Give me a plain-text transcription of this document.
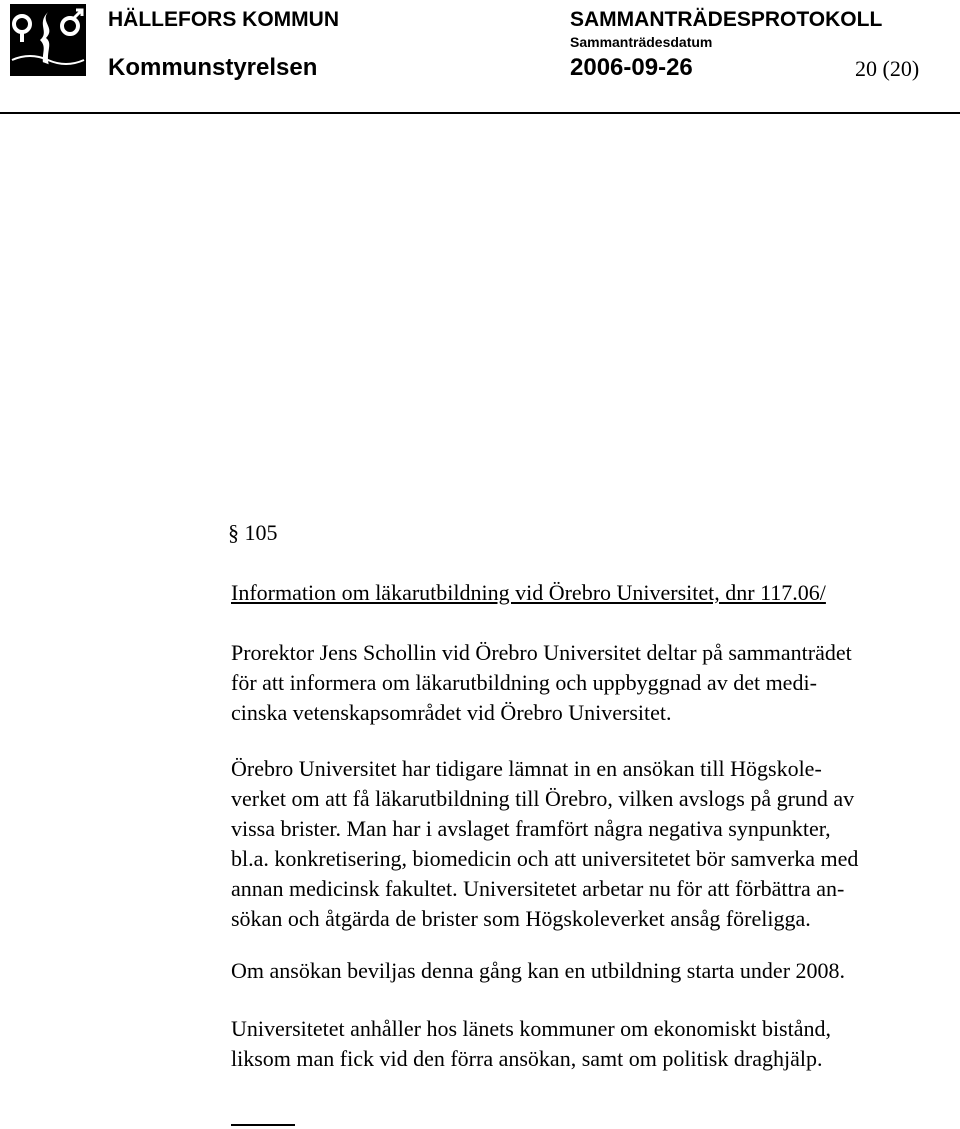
HÄLLEFORS KOMMUN
Kommunstyrelsen
SAMMANTRÄDESPROTOKOLL
Sammanträdesdatum
2006-09-26	20 (20)
§ 105
Information om läkarutbildning vid Örebro Universitet, dnr 117.06/
Prorektor Jens Schollin vid Örebro Universitet deltar på sammanträdet
för att informera om läkarutbildning och uppbyggnad av det medi-
cinska vetenskapsområdet vid Örebro Universitet.
Örebro Universitet har tidigare lämnat in en ansökan till Högskole-
verket om att få läkarutbildning till Örebro, vilken avslogs på grund av
vissa brister. Man har i avslaget framfört några negativa synpunkter,
bl.a. konkretisering, biomedicin och att universitetet bör samverka med
annan medicinsk fakultet. Universitetet arbetar nu för att förbättra an-
sökan och åtgärda de brister som Högskoleverket ansåg föreligga.
Om ansökan beviljas denna gång kan en utbildning starta under 2008.
Universitetet anhåller hos länets kommuner om ekonomiskt bistånd,
liksom man fick vid den förra ansökan, samt om politisk draghjälp.
